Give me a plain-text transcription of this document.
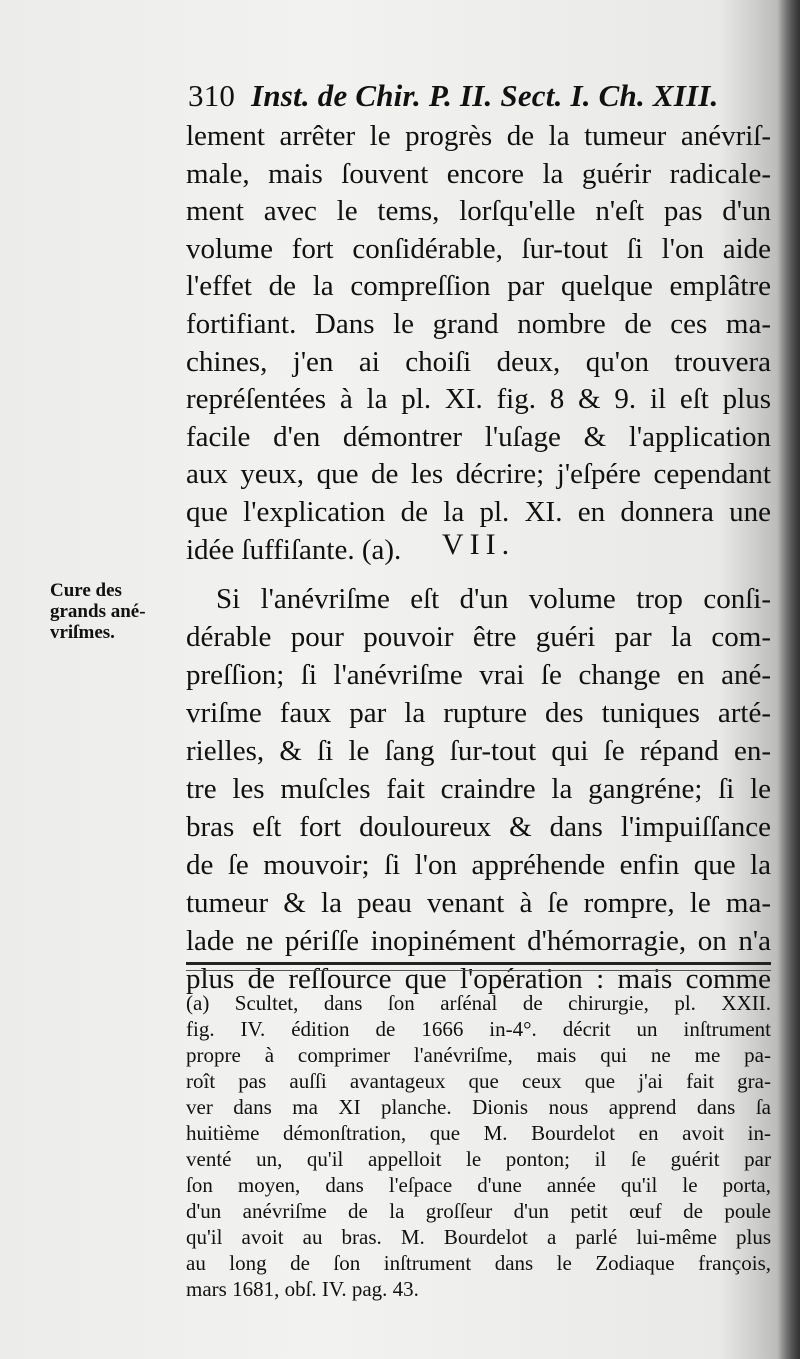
310 Inst. de Chir. P. II. Sect. I. Ch. XIII.
lement arrêter le progrès de la tumeur anévriſ-
male, mais ſouvent encore la guérir radicale-
ment avec le tems, lorſqu'elle n'eſt pas d'un
volume fort conſidérable, ſur-tout ſi l'on aide
l'effet de la compreſſion par quelque emplâtre
fortifiant. Dans le grand nombre de ces ma-
chines, j'en ai choiſi deux, qu'on trouvera
repréſentées à la pl. XI. fig. 8 & 9. il eſt plus
facile d'en démontrer l'uſage & l'application
aux yeux, que de les décrire; j'eſpére cependant
que l'explication de la pl. XI. en donnera une
idée ſuffiſante. (a).	VII.
Cure des
grands ané-
vriſmes.
Si l'anévriſme eſt d'un volume trop conſi-
dérable pour pouvoir être guéri par la com-
preſſion; ſi l'anévriſme vrai ſe change en ané-
vriſme faux par la rupture des tuniques arté-
rielles, & ſi le ſang ſur-tout qui ſe répand en-
tre les muſcles fait craindre la gangréne; ſi le
bras eſt fort douloureux & dans l'impuiſſance
de ſe mouvoir; ſi l'on appréhende enfin que la
tumeur & la peau venant à ſe rompre, le ma-
lade ne périſſe inopinément d'hémorragie, on n'a
plus de reſſource que l'opération : mais comme
(a) Scultet, dans ſon arſénal de chirurgie, pl. XXII.
fig. IV. édition de 1666 in-4°. décrit un inſtrument
propre à comprimer l'anévriſme, mais qui ne me pa-
roît pas auſſi avantageux que ceux que j'ai fait gra-
ver dans ma XI planche. Dionis nous apprend dans ſa
huitième démonſtration, que M. Bourdelot en avoit in-
venté un, qu'il appelloit le ponton; il ſe guérit par
ſon moyen, dans l'eſpace d'une année qu'il le porta,
d'un anévriſme de la groſſeur d'un petit œuf de poule
qu'il avoit au bras. M. Bourdelot a parlé lui-même plus
au long de ſon inſtrument dans le Zodiaque françois,
mars 1681, obſ. IV. pag. 43.
